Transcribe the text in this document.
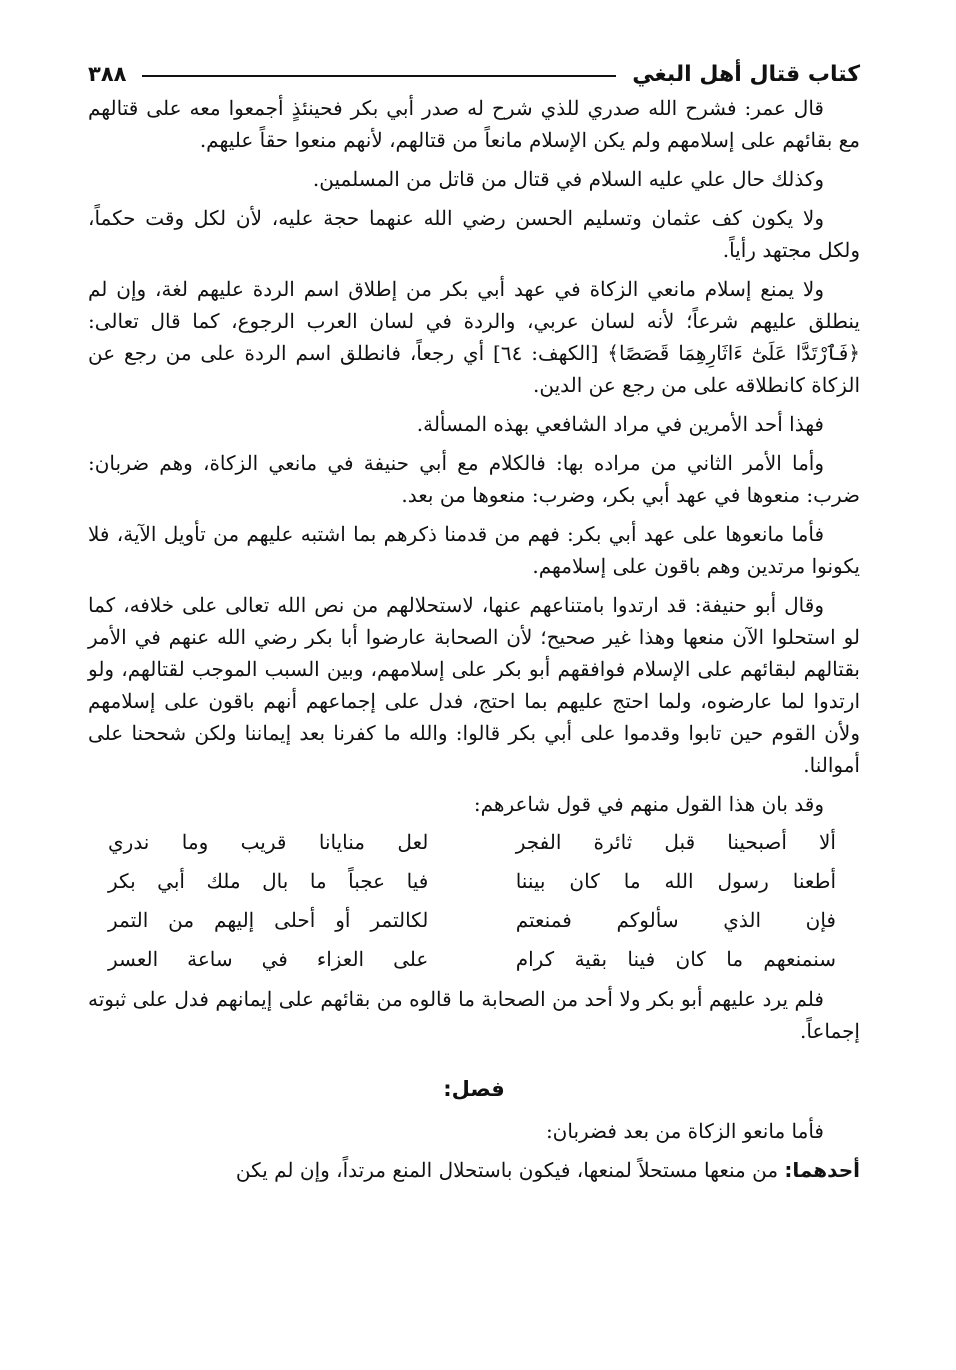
كتاب قتال أهل البغي
٣٨٨

قال عمر: فشرح الله صدري للذي شرح له صدر أبي بكر فحينئذٍ أجمعوا معه على قتالهم مع بقائهم على إسلامهم ولم يكن الإسلام مانعاً من قتالهم، لأنهم منعوا حقاً عليهم.

وكذلك حال علي عليه السلام في قتال من قاتل من المسلمين.

ولا يكون كف عثمان وتسليم الحسن رضي الله عنهما حجة عليه، لأن لكل وقت حكماً، ولكل مجتهد رأياً.

ولا يمنع إسلام مانعي الزكاة في عهد أبي بكر من إطلاق اسم الردة عليهم لغة، وإن لم ينطلق عليهم شرعاً؛ لأنه لسان عربي، والردة في لسان العرب الرجوع، كما قال تعالى: ﴿فَٱرْتَدَّا عَلَىٰٓ ءَاثَارِهِمَا قَصَصًا﴾ [الكهف: ٦٤] أي رجعاً، فانطلق اسم الردة على من رجع عن الزكاة كانطلاقه على من رجع عن الدين.

فهذا أحد الأمرين في مراد الشافعي بهذه المسألة.

وأما الأمر الثاني من مراده بها: فالكلام مع أبي حنيفة في مانعي الزكاة، وهم ضربان: ضرب: منعوها في عهد أبي بكر، وضرب: منعوها من بعد.

فأما مانعوها على عهد أبي بكر: فهم من قدمنا ذكرهم بما اشتبه عليهم من تأويل الآية، فلا يكونوا مرتدين وهم باقون على إسلامهم.

وقال أبو حنيفة: قد ارتدوا بامتناعهم عنها، لاستحلالهم من نص الله تعالى على خلافه، كما لو استحلوا الآن منعها وهذا غير صحيح؛ لأن الصحابة عارضوا أبا بكر رضي الله عنهم في الأمر بقتالهم لبقائهم على الإسلام فوافقهم أبو بكر على إسلامهم، وبين السبب الموجب لقتالهم، ولو ارتدوا لما عارضوه، ولما احتج عليهم بما احتج، فدل على إجماعهم أنهم باقون على إسلامهم ولأن القوم حين تابوا وقدموا على أبي بكر قالوا: والله ما كفرنا بعد إيماننا ولكن شححنا على أموالنا.

وقد بان هذا القول منهم في قول شاعرهم:

ألا أصبحينا قبل ثائرة الفجر
لعل منايانا قريب وما ندري
أطعنا رسول الله ما كان بيننا
فيا عجباً ما بال ملك أبي بكر
فإن الذي سألوكم فمنعتم
لكالتمر أو أحلى إليهم من التمر
سنمنعهم ما كان فينا بقية كرام
على العزاء في ساعة العسر

فلم يرد عليهم أبو بكر ولا أحد من الصحابة ما قالوه من بقائهم على إيمانهم فدل على ثبوته إجماعاً.

فصل:

فأما مانعو الزكاة من بعد فضربان:

أحدهما: من منعها مستحلاً لمنعها، فيكون باستحلال المنع مرتداً، وإن لم يكن
